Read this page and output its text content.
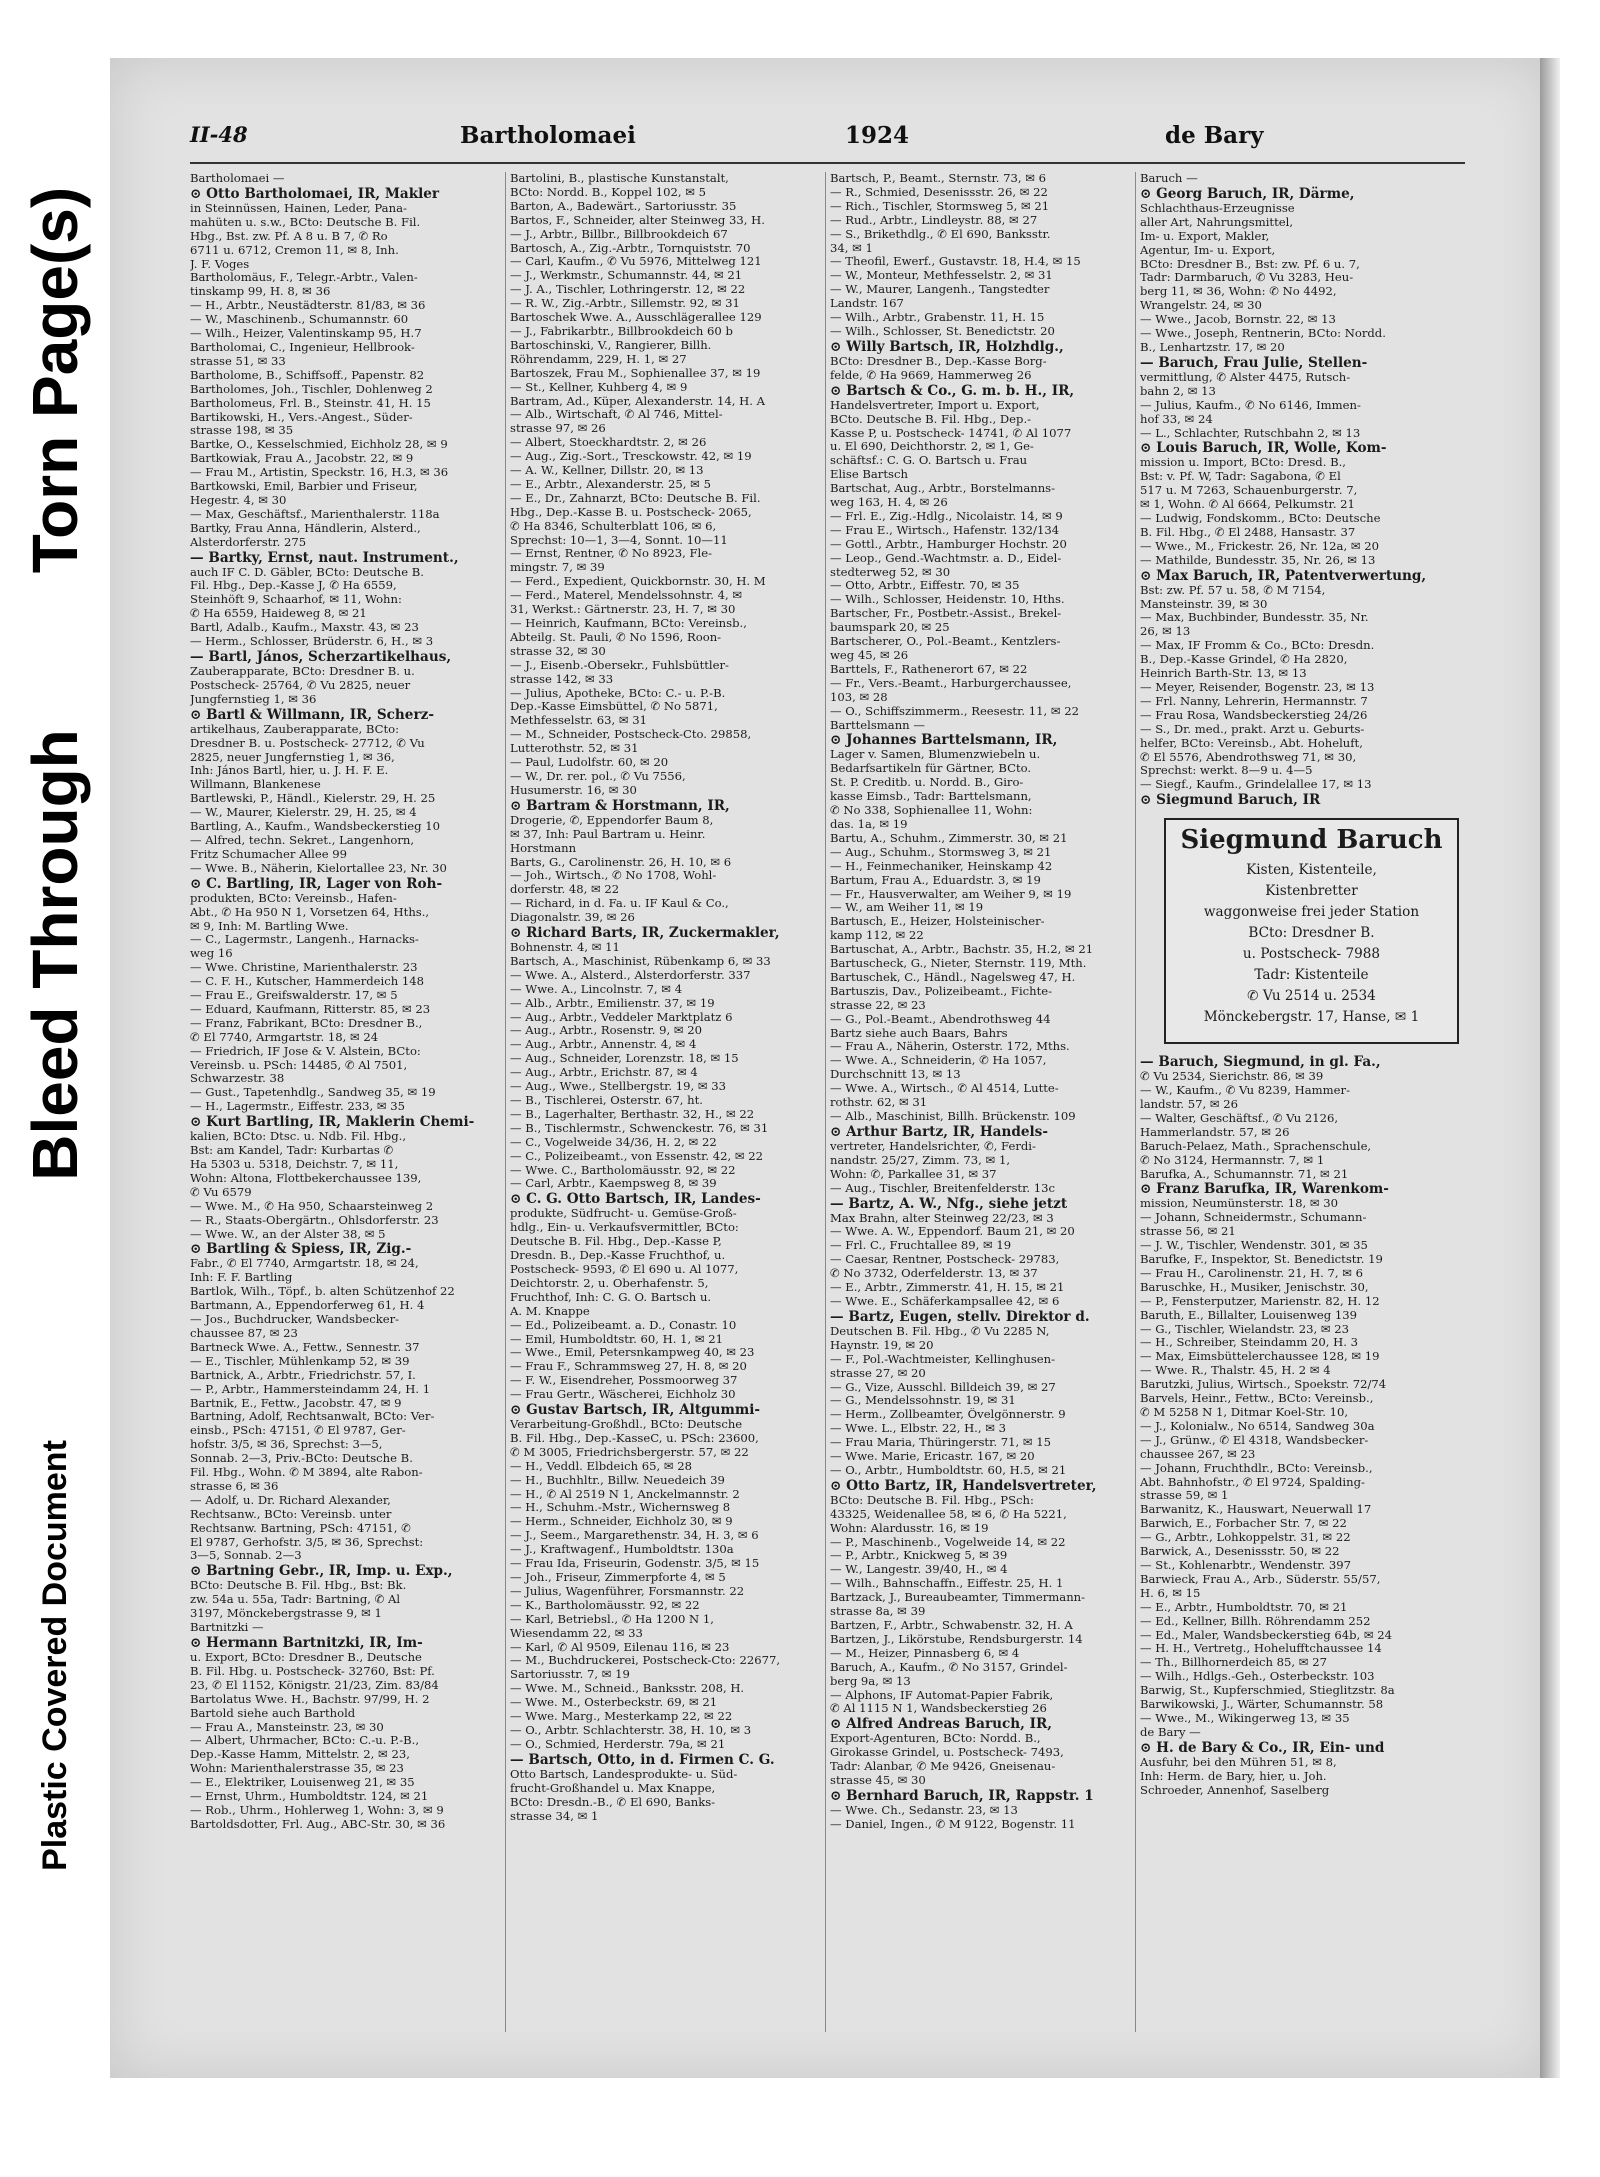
Torn Page(s)
Bleed Through
Plastic Covered Document
II-48	Bartholomaei	1924	de Bary
Bartholomaei —
⊙ Otto Bartholomaei, IR, Makler
in Steinnüssen, Hainen, Leder, Pana-
mahüten u. s.w., BCto: Deutsche B. Fil.
Hbg., Bst. zw. Pf. A 8 u. B 7, ✆ Ro
6711 u. 6712, Cremon 11, ✉ 8, Inh.
J. F. Voges
Bartholomäus, F., Telegr.-Arbtr., Valen-
tinskamp 99, H. 8, ✉ 36
— H., Arbtr., Neustädterstr. 81/83, ✉ 36
— W., Maschinenb., Schumannstr. 60
— Wilh., Heizer, Valentinskamp 95, H.7
Bartholomai, C., Ingenieur, Hellbrook-
strasse 51, ✉ 33
Bartholome, B., Schiffsoff., Papenstr. 82
Bartholomes, Joh., Tischler, Dohlenweg 2
Bartholomeus, Frl. B., Steinstr. 41, H. 15
Bartikowski, H., Vers.-Angest., Süder-
strasse 198, ✉ 35
Bartke, O., Kesselschmied, Eichholz 28, ✉ 9
Bartkowiak, Frau A., Jacobstr. 22, ✉ 9
— Frau M., Artistin, Speckstr. 16, H.3, ✉ 36
Bartkowski, Emil, Barbier und Friseur,
Hegestr. 4, ✉ 30
— Max, Geschäftsf., Marienthalerstr. 118a
Bartky, Frau Anna, Händlerin, Alsterd.,
Alsterdorferstr. 275
— Bartky, Ernst, naut. Instrument.,
auch IF C. D. Gäbler, BCto: Deutsche B.
Fil. Hbg., Dep.-Kasse J, ✆ Ha 6559,
Steinhöft 9, Schaarhof, ✉ 11, Wohn:
✆ Ha 6559, Haideweg 8, ✉ 21
Bartl, Adalb., Kaufm., Maxstr. 43, ✉ 23
— Herm., Schlosser, Brüderstr. 6, H., ✉ 3
— Bartl, János, Scherzartikelhaus,
Zauberapparate, BCto: Dresdner B. u.
Postscheck- 25764, ✆ Vu 2825, neuer
Jungfernstieg 1, ✉ 36
⊙ Bartl & Willmann, IR, Scherz-
artikelhaus, Zauberapparate, BCto:
Dresdner B. u. Postscheck- 27712, ✆ Vu
2825, neuer Jungfernstieg 1, ✉ 36,
Inh: János Bartl, hier, u. J. H. F. E.
Willmann, Blankenese
Bartlewski, P., Händl., Kielerstr. 29, H. 25
— W., Maurer, Kielerstr. 29, H. 25, ✉ 4
Bartling, A., Kaufm., Wandsbeckerstieg 10
— Alfred, techn. Sekret., Langenhorn,
Fritz Schumacher Allee 99
— Wwe. B., Näherin, Kielortallee 23, Nr. 30
⊙ C. Bartling, IR, Lager von Roh-
produkten, BCto: Vereinsb., Hafen-
Abt., ✆ Ha 950 N 1, Vorsetzen 64, Hths.,
✉ 9, Inh: M. Bartling Wwe.
— C., Lagermstr., Langenh., Harnacks-
weg 16
— Wwe. Christine, Marienthalerstr. 23
— C. F. H., Kutscher, Hammerdeich 148
— Frau E., Greifswalderstr. 17, ✉ 5
— Eduard, Kaufmann, Ritterstr. 85, ✉ 23
— Franz, Fabrikant, BCto: Dresdner B.,
✆ El 7740, Armgartstr. 18, ✉ 24
— Friedrich, IF Jose & V. Alstein, BCto:
Vereinsb. u. PSch: 14485, ✆ Al 7501,
Schwarzestr. 38
— Gust., Tapetenhdlg., Sandweg 35, ✉ 19
— H., Lagermstr., Eiffestr. 233, ✉ 35
⊙ Kurt Bartling, IR, Maklerin Chemi-
kalien, BCto: Dtsc. u. Ndb. Fil. Hbg.,
Bst: am Kandel, Tadr: Kurbartas ✆
Ha 5303 u. 5318, Deichstr. 7, ✉ 11,
Wohn: Altona, Flottbekerchaussee 139,
✆ Vu 6579
— Wwe. M., ✆ Ha 950, Schaarsteinweg 2
— R., Staats-Obergärtn., Ohlsdorferstr. 23
— Wwe. W., an der Alster 38, ✉ 5
⊙ Bartling & Spiess, IR, Zig.-
Fabr., ✆ El 7740, Armgartstr. 18, ✉ 24,
Inh: F. F. Bartling
Bartlok, Wilh., Töpf., b. alten Schützenhof 22
Bartmann, A., Eppendorferweg 61, H. 4
— Jos., Buchdrucker, Wandsbecker-
chaussee 87, ✉ 23
Bartneck Wwe. A., Fettw., Sennestr. 37
— E., Tischler, Mühlenkamp 52, ✉ 39
Bartnick, A., Arbtr., Friedrichstr. 57, I.
— P., Arbtr., Hammersteindamm 24, H. 1
Bartnik, E., Fettw., Jacobstr. 47, ✉ 9
Bartning, Adolf, Rechtsanwalt, BCto: Ver-
einsb., PSch: 47151, ✆ El 9787, Ger-
hofstr. 3/5, ✉ 36, Sprechst: 3—5,
Sonnab. 2—3, Priv.-BCto: Deutsche B.
Fil. Hbg., Wohn. ✆ M 3894, alte Rabon-
strasse 6, ✉ 36
— Adolf, u. Dr. Richard Alexander,
Rechtsanw., BCto: Vereinsb. unter
Rechtsanw. Bartning, PSch: 47151, ✆
El 9787, Gerhofstr. 3/5, ✉ 36, Sprechst:
3—5, Sonnab. 2—3
⊙ Bartning Gebr., IR, Imp. u. Exp.,
BCto: Deutsche B. Fil. Hbg., Bst: Bk.
zw. 54a u. 55a, Tadr: Bartning, ✆ Al
3197, Mönckebergstrasse 9, ✉ 1
Bartnitzki —
⊙ Hermann Bartnitzki, IR, Im-
u. Export, BCto: Dresdner B., Deutsche
B. Fil. Hbg. u. Postscheck- 32760, Bst: Pf.
23, ✆ El 1152, Königstr. 21/23, Zim. 83/84
Bartolatus Wwe. H., Bachstr. 97/99, H. 2
Bartold siehe auch Barthold
— Frau A., Mansteinstr. 23, ✉ 30
— Albert, Uhrmacher, BCto: C.-u. P.-B.,
Dep.-Kasse Hamm, Mittelstr. 2, ✉ 23,
Wohn: Marienthalerstrasse 35, ✉ 23
— E., Elektriker, Louisenweg 21, ✉ 35
— Ernst, Uhrm., Humboldtstr. 124, ✉ 21
— Rob., Uhrm., Hohlerweg 1, Wohn: 3, ✉ 9
Bartoldsdotter, Frl. Aug., ABC-Str. 30, ✉ 36
Bartolini, B., plastische Kunstanstalt,
BCto: Nordd. B., Koppel 102, ✉ 5
Barton, A., Badewärt., Sartoriusstr. 35
Bartos, F., Schneider, alter Steinweg 33, H.
— J., Arbtr., Billbr., Billbrookdeich 67
Bartosch, A., Zig.-Arbtr., Tornquiststr. 70
— Carl, Kaufm., ✆ Vu 5976, Mittelweg 121
— J., Werkmstr., Schumannstr. 44, ✉ 21
— J. A., Tischler, Lothringerstr. 12, ✉ 22
— R. W., Zig.-Arbtr., Sillemstr. 92, ✉ 31
Bartoschek Wwe. A., Ausschlägerallee 129
— J., Fabrikarbtr., Billbrookdeich 60 b
Bartoschinski, V., Rangierer, Billh.
Röhrendamm, 229, H. 1, ✉ 27
Bartoszek, Frau M., Sophienallee 37, ✉ 19
— St., Kellner, Kuhberg 4, ✉ 9
Bartram, Ad., Küper, Alexanderstr. 14, H. A
— Alb., Wirtschaft, ✆ Al 746, Mittel-
strasse 97, ✉ 26
— Albert, Stoeckhardtstr. 2, ✉ 26
— Aug., Zig.-Sort., Tresckowstr. 42, ✉ 19
— A. W., Kellner, Dillstr. 20, ✉ 13
— E., Arbtr., Alexanderstr. 25, ✉ 5
— E., Dr., Zahnarzt, BCto: Deutsche B. Fil.
Hbg., Dep.-Kasse B. u. Postscheck- 2065,
✆ Ha 8346, Schulterblatt 106, ✉ 6,
Sprechst: 10—1, 3—4, Sonnt. 10—11
— Ernst, Rentner, ✆ No 8923, Fle-
mingstr. 7, ✉ 39
— Ferd., Expedient, Quickbornstr. 30, H. M
— Ferd., Materel, Mendelssohnstr. 4, ✉
31, Werkst.: Gärtnerstr. 23, H. 7, ✉ 30
— Heinrich, Kaufmann, BCto: Vereinsb.,
Abteilg. St. Pauli, ✆ No 1596, Roon-
strasse 32, ✉ 30
— J., Eisenb.-Obersekr., Fuhlsbüttler-
strasse 142, ✉ 33
— Julius, Apotheke, BCto: C.- u. P.-B.
Dep.-Kasse Eimsbüttel, ✆ No 5871,
Methfesselstr. 63, ✉ 31
— M., Schneider, Postscheck-Cto. 29858,
Lutterothstr. 52, ✉ 31
— Paul, Ludolfstr. 60, ✉ 20
— W., Dr. rer. pol., ✆ Vu 7556,
Husumerstr. 16, ✉ 30
⊙ Bartram & Horstmann, IR,
Drogerie, ✆, Eppendorfer Baum 8,
✉ 37, Inh: Paul Bartram u. Heinr.
Horstmann
Barts, G., Carolinenstr. 26, H. 10, ✉ 6
— Joh., Wirtsch., ✆ No 1708, Wohl-
dorferstr. 48, ✉ 22
— Richard, in d. Fa. u. IF Kaul & Co.,
Diagonalstr. 39, ✉ 26
⊙ Richard Barts, IR, Zuckermakler,
Bohnenstr. 4, ✉ 11
Bartsch, A., Maschinist, Rübenkamp 6, ✉ 33
— Wwe. A., Alsterd., Alsterdorferstr. 337
— Wwe. A., Lincolnstr. 7, ✉ 4
— Alb., Arbtr., Emilienstr. 37, ✉ 19
— Aug., Arbtr., Veddeler Marktplatz 6
— Aug., Arbtr., Rosenstr. 9, ✉ 20
— Aug., Arbtr., Annenstr. 4, ✉ 4
— Aug., Schneider, Lorenzstr. 18, ✉ 15
— Aug., Arbtr., Erichstr. 87, ✉ 4
— Aug., Wwe., Stellbergstr. 19, ✉ 33
— B., Tischlerei, Osterstr. 67, ht.
— B., Lagerhalter, Berthastr. 32, H., ✉ 22
— B., Tischlermstr., Schwenckestr. 76, ✉ 31
— C., Vogelweide 34/36, H. 2, ✉ 22
— C., Polizeibeamt., von Essenstr. 42, ✉ 22
— Wwe. C., Bartholomäusstr. 92, ✉ 22
— Carl, Arbtr., Kaempsweg 8, ✉ 39
⊙ C. G. Otto Bartsch, IR, Landes-
produkte, Südfrucht- u. Gemüse-Groß-
hdlg., Ein- u. Verkaufsvermittler, BCto:
Deutsche B. Fil. Hbg., Dep.-Kasse P,
Dresdn. B., Dep.-Kasse Fruchthof, u.
Postscheck- 9593, ✆ El 690 u. Al 1077,
Deichtorstr. 2, u. Oberhafenstr. 5,
Fruchthof, Inh: C. G. O. Bartsch u.
A. M. Knappe
— Ed., Polizeibeamt. a. D., Conastr. 10
— Emil, Humboldtstr. 60, H. 1, ✉ 21
— Wwe., Emil, Petersnkampweg 40, ✉ 23
— Frau F., Schrammsweg 27, H. 8, ✉ 20
— F. W., Eisendreher, Possmoorweg 37
— Frau Gertr., Wäscherei, Eichholz 30
⊙ Gustav Bartsch, IR, Altgummi-
Verarbeitung-Großhdl., BCto: Deutsche
B. Fil. Hbg., Dep.-KasseC, u. PSch: 23600,
✆ M 3005, Friedrichsbergerstr. 57, ✉ 22
— H., Veddl. Elbdeich 65, ✉ 28
— H., Buchhltr., Billw. Neuedeich 39
— H., ✆ Al 2519 N 1, Anckelmannstr. 2
— H., Schuhm.-Mstr., Wichernsweg 8
— Herm., Schneider, Eichholz 30, ✉ 9
— J., Seem., Margarethenstr. 34, H. 3, ✉ 6
— J., Kraftwagenf., Humboldtstr. 130a
— Frau Ida, Friseurin, Godenstr. 3/5, ✉ 15
— Joh., Friseur, Zimmerpforte 4, ✉ 5
— Julius, Wagenführer, Forsmannstr. 22
— K., Bartholomäusstr. 92, ✉ 22
— Karl, Betriebsl., ✆ Ha 1200 N 1,
Wiesendamm 22, ✉ 33
— Karl, ✆ Al 9509, Eilenau 116, ✉ 23
— M., Buchdruckerei, Postscheck-Cto: 22677,
Sartoriusstr. 7, ✉ 19
— Wwe. M., Schneid., Banksstr. 208, H.
— Wwe. M., Osterbeckstr. 69, ✉ 21
— Wwe. Marg., Mesterkamp 22, ✉ 22
— O., Arbtr. Schlachterstr. 38, H. 10, ✉ 3
— O., Schmied, Herderstr. 79a, ✉ 21
— Bartsch, Otto, in d. Firmen C. G.
Otto Bartsch, Landesprodukte- u. Süd-
frucht-Großhandel u. Max Knappe,
BCto: Dresdn.-B., ✆ El 690, Banks-
strasse 34, ✉ 1
Bartsch, P., Beamt., Sternstr. 73, ✉ 6
— R., Schmied, Desenissstr. 26, ✉ 22
— Rich., Tischler, Stormsweg 5, ✉ 21
— Rud., Arbtr., Lindleystr. 88, ✉ 27
— S., Brikethdlg., ✆ El 690, Banksstr.
34, ✉ 1
— Theofil, Ewerf., Gustavstr. 18, H.4, ✉ 15
— W., Monteur, Methfesselstr. 2, ✉ 31
— W., Maurer, Langenh., Tangstedter
Landstr. 167
— Wilh., Arbtr., Grabenstr. 11, H. 15
— Wilh., Schlosser, St. Benedictstr. 20
⊙ Willy Bartsch, IR, Holzhdlg.,
BCto: Dresdner B., Dep.-Kasse Borg-
felde, ✆ Ha 9669, Hammerweg 26
⊙ Bartsch & Co., G. m. b. H., IR,
Handelsvertreter, Import u. Export,
BCto. Deutsche B. Fil. Hbg., Dep.-
Kasse P, u. Postscheck- 14741, ✆ Al 1077
u. El 690, Deichthorstr. 2, ✉ 1, Ge-
schäftsf.: C. G. O. Bartsch u. Frau
Elise Bartsch
Bartschat, Aug., Arbtr., Borstelmanns-
weg 163, H. 4, ✉ 26
— Frl. E., Zig.-Hdlg., Nicolaistr. 14, ✉ 9
— Frau E., Wirtsch., Hafenstr. 132/134
— Gottl., Arbtr., Hamburger Hochstr. 20
— Leop., Gend.-Wachtmstr. a. D., Eidel-
stedterweg 52, ✉ 30
— Otto, Arbtr., Eiffestr. 70, ✉ 35
— Wilh., Schlosser, Heidenstr. 10, Hths.
Bartscher, Fr., Postbetr.-Assist., Brekel-
baumspark 20, ✉ 25
Bartscherer, O., Pol.-Beamt., Kentzlers-
weg 45, ✉ 26
Barttels, F., Rathenerort 67, ✉ 22
— Fr., Vers.-Beamt., Harburgerchaussee,
103, ✉ 28
— O., Schiffszimmerm., Reesestr. 11, ✉ 22
Barttelsmann —
⊙ Johannes Barttelsmann, IR,
Lager v. Samen, Blumenzwiebeln u.
Bedarfsartikeln für Gärtner, BCto.
St. P. Creditb. u. Nordd. B., Giro-
kasse Eimsb., Tadr: Barttelsmann,
✆ No 338, Sophienallee 11, Wohn:
das. 1a, ✉ 19
Bartu, A., Schuhm., Zimmerstr. 30, ✉ 21
— Aug., Schuhm., Stormsweg 3, ✉ 21
— H., Feinmechaniker, Heinskamp 42
Bartum, Frau A., Eduardstr. 3, ✉ 19
— Fr., Hausverwalter, am Weiher 9, ✉ 19
— W., am Weiher 11, ✉ 19
Bartusch, E., Heizer, Holsteinischer-
kamp 112, ✉ 22
Bartuschat, A., Arbtr., Bachstr. 35, H.2, ✉ 21
Bartuscheck, G., Nieter, Sternstr. 119, Mth.
Bartuschek, C., Händl., Nagelsweg 47, H.
Bartuszis, Dav., Polizeibeamt., Fichte-
strasse 22, ✉ 23
— G., Pol.-Beamt., Abendrothsweg 44
Bartz siehe auch Baars, Bahrs
— Frau A., Näherin, Osterstr. 172, Mths.
— Wwe. A., Schneiderin, ✆ Ha 1057,
Durchschnitt 13, ✉ 13
— Wwe. A., Wirtsch., ✆ Al 4514, Lutte-
rothstr. 62, ✉ 31
— Alb., Maschinist, Billh. Brückenstr. 109
⊙ Arthur Bartz, IR, Handels-
vertreter, Handelsrichter, ✆, Ferdi-
nandstr. 25/27, Zimm. 73, ✉ 1,
Wohn: ✆, Parkallee 31, ✉ 37
— Aug., Tischler, Breitenfelderstr. 13c
— Bartz, A. W., Nfg., siehe jetzt
Max Brahn, alter Steinweg 22/23, ✉ 3
— Wwe. A. W., Eppendorf. Baum 21, ✉ 20
— Frl. C., Fruchtallee 89, ✉ 19
— Caesar, Rentner, Postscheck- 29783,
✆ No 3732, Oderfelderstr. 13, ✉ 37
— E., Arbtr., Zimmerstr. 41, H. 15, ✉ 21
— Wwe. E., Schäferkampsallee 42, ✉ 6
— Bartz, Eugen, stellv. Direktor d.
Deutschen B. Fil. Hbg., ✆ Vu 2285 N,
Haynstr. 19, ✉ 20
— F., Pol.-Wachtmeister, Kellinghusen-
strasse 27, ✉ 20
— G., Vize, Ausschl. Billdeich 39, ✉ 27
— G., Mendelssohnstr. 19, ✉ 31
— Herm., Zollbeamter, Övelgönnerstr. 9
— Wwe. L., Elbstr. 22, H., ✉ 3
— Frau Maria, Thüringerstr. 71, ✉ 15
— Wwe. Marie, Ericastr. 167, ✉ 20
— O., Arbtr., Humboldtstr. 60, H.5, ✉ 21
⊙ Otto Bartz, IR, Handelsvertreter,
BCto: Deutsche B. Fil. Hbg., PSch:
43325, Weidenallee 58, ✉ 6, ✆ Ha 5221,
Wohn: Alardusstr. 16, ✉ 19
— P., Maschinenb., Vogelweide 14, ✉ 22
— P., Arbtr., Knickweg 5, ✉ 39
— W., Langestr. 39/40, H., ✉ 4
— Wilh., Bahnschaffn., Eiffestr. 25, H. 1
Bartzack, J., Bureaubeamter, Timmermann-
strasse 8a, ✉ 39
Bartzen, F., Arbtr., Schwabenstr. 32, H. A
Bartzen, J., Likörstube, Rendsburgerstr. 14
— M., Heizer, Pinnasberg 6, ✉ 4
Baruch, A., Kaufm., ✆ No 3157, Grindel-
berg 9a, ✉ 13
— Alphons, IF Automat-Papier Fabrik,
✆ Al 1115 N 1, Wandsbeckerstieg 26
⊙ Alfred Andreas Baruch, IR,
Export-Agenturen, BCto: Nordd. B.,
Girokasse Grindel, u. Postscheck- 7493,
Tadr: Alanbar, ✆ Me 9426, Gneisenau-
strasse 45, ✉ 30
⊙ Bernhard Baruch, IR, Rappstr. 1
— Wwe. Ch., Sedanstr. 23, ✉ 13
— Daniel, Ingen., ✆ M 9122, Bogenstr. 11
Baruch —
⊙ Georg Baruch, IR, Därme,
Schlachthaus-Erzeugnisse
aller Art, Nahrungsmittel,
Im- u. Export, Makler,
Agentur, Im- u. Export,
BCto: Dresdner B., Bst: zw. Pf. 6 u. 7,
Tadr: Darmbaruch, ✆ Vu 3283, Heu-
berg 11, ✉ 36, Wohn: ✆ No 4492,
Wrangelstr. 24, ✉ 30
— Wwe., Jacob, Bornstr. 22, ✉ 13
— Wwe., Joseph, Rentnerin, BCto: Nordd.
B., Lenhartzstr. 17, ✉ 20
— Baruch, Frau Julie, Stellen-
vermittlung, ✆ Alster 4475, Rutsch-
bahn 2, ✉ 13
— Julius, Kaufm., ✆ No 6146, Immen-
hof 33, ✉ 24
— L., Schlachter, Rutschbahn 2, ✉ 13
⊙ Louis Baruch, IR, Wolle, Kom-
mission u. Import, BCto: Dresd. B.,
Bst: v. Pf. W, Tadr: Sagabona, ✆ El
517 u. M 7263, Schauenburgerstr. 7,
✉ 1, Wohn. ✆ Al 6664, Pelkumstr. 21
— Ludwig, Fondskomm., BCto: Deutsche
B. Fil. Hbg., ✆ El 2488, Hansastr. 37
— Wwe., M., Frickestr. 26, Nr. 12a, ✉ 20
— Mathilde, Bundesstr. 35, Nr. 26, ✉ 13
⊙ Max Baruch, IR, Patentverwertung,
Bst: zw. Pf. 57 u. 58, ✆ M 7154,
Mansteinstr. 39, ✉ 30
— Max, Buchbinder, Bundesstr. 35, Nr.
26, ✉ 13
— Max, IF Fromm & Co., BCto: Dresdn.
B., Dep.-Kasse Grindel, ✆ Ha 2820,
Heinrich Barth-Str. 13, ✉ 13
— Meyer, Reisender, Bogenstr. 23, ✉ 13
— Frl. Nanny, Lehrerin, Hermannstr. 7
— Frau Rosa, Wandsbeckerstieg 24/26
— S., Dr. med., prakt. Arzt u. Geburts-
helfer, BCto: Vereinsb., Abt. Hoheluft,
✆ El 5576, Abendrothsweg 71, ✉ 30,
Sprechst: werkt. 8—9 u. 4—5
— Siegf., Kaufm., Grindelallee 17, ✉ 13
⊙ Siegmund Baruch, IR
Siegmund Baruch
Kisten, Kistenteile,
Kistenbretter
waggonweise frei jeder Station
BCto: Dresdner B.
u. Postscheck- 7988
Tadr: Kistenteile
✆ Vu 2514 u. 2534
Mönckebergstr. 17, Hanse, ✉ 1
— Baruch, Siegmund, in gl. Fa.,
✆ Vu 2534, Sierichstr. 86, ✉ 39
— W., Kaufm., ✆ Vu 8239, Hammer-
landstr. 57, ✉ 26
— Walter, Geschäftsf., ✆ Vu 2126,
Hammerlandstr. 57, ✉ 26
Baruch-Pelaez, Math., Sprachenschule,
✆ No 3124, Hermannstr. 7, ✉ 1
Barufka, A., Schumannstr. 71, ✉ 21
⊙ Franz Barufka, IR, Warenkom-
mission, Neumünsterstr. 18, ✉ 30
— Johann, Schneidermstr., Schumann-
strasse 56, ✉ 21
— J. W., Tischler, Wendenstr. 301, ✉ 35
Barufke, F., Inspektor, St. Benedictstr. 19
— Frau H., Carolinenstr. 21, H. 7, ✉ 6
Baruschke, H., Musiker, Jenischstr. 30,
— P., Fensterputzer, Marienstr. 82, H. 12
Baruth, E., Billalter, Louisenweg 139
— G., Tischler, Wielandstr. 23, ✉ 23
— H., Schreiber, Steindamm 20, H. 3
— Max, Eimsbüttelerchaussee 128, ✉ 19
— Wwe. R., Thalstr. 45, H. 2 ✉ 4
Barutzki, Julius, Wirtsch., Spoekstr. 72/74
Barvels, Heinr., Fettw., BCto: Vereinsb.,
✆ M 5258 N 1, Ditmar Koel-Str. 10,
— J., Kolonialw., No 6514, Sandweg 30a
— J., Grünw., ✆ El 4318, Wandsbecker-
chaussee 267, ✉ 23
— Johann, Fruchthdlr., BCto: Vereinsb.,
Abt. Bahnhofstr., ✆ El 9724, Spalding-
strasse 59, ✉ 1
Barwanitz, K., Hauswart, Neuerwall 17
Barwich, E., Forbacher Str. 7, ✉ 22
— G., Arbtr., Lohkoppelstr. 31, ✉ 22
Barwick, A., Desenissstr. 50, ✉ 22
— St., Kohlenarbtr., Wendenstr. 397
Barwieck, Frau A., Arb., Süderstr. 55/57,
H. 6, ✉ 15
— E., Arbtr., Humboldtstr. 70, ✉ 21
— Ed., Kellner, Billh. Röhrendamm 252
— Ed., Maler, Wandsbeckerstieg 64b, ✉ 24
— H. H., Vertretg., Hohelufftchaussee 14
— Th., Billhornerdeich 85, ✉ 27
— Wilh., Hdlgs.-Geh., Osterbeckstr. 103
Barwig, St., Kupferschmied, Stieglitzstr. 8a
Barwikowski, J., Wärter, Schumannstr. 58
— Wwe., M., Wikingerweg 13, ✉ 35
de Bary —
⊙ H. de Bary & Co., IR, Ein- und
Ausfuhr, bei den Mühren 51, ✉ 8,
Inh: Herm. de Bary, hier, u. Joh.
Schroeder, Annenhof, Saselberg
